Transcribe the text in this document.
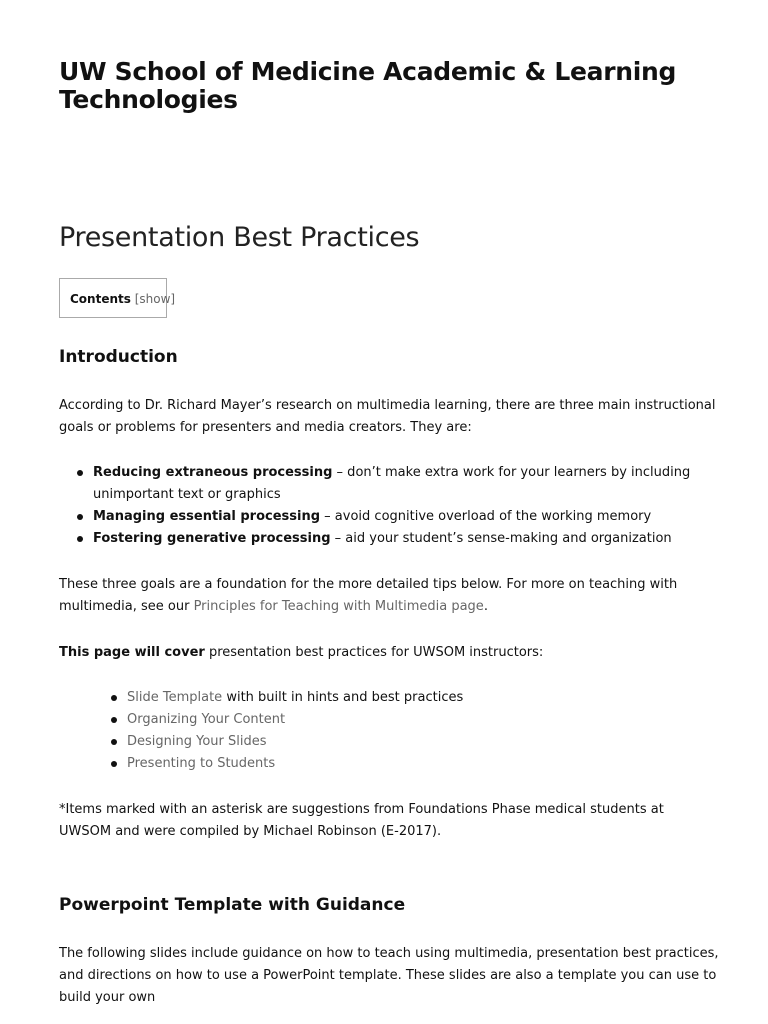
UW School of Medicine Academic & Learning Technologies
Presentation Best Practices
Contents [show]
Introduction

According to Dr. Richard Mayer’s research on multimedia learning, there are three main instructional goals or problems for presenters and media creators. They are:

Reducing extraneous processing – don’t make extra work for your learners by including unimportant text or graphics
Managing essential processing – avoid cognitive overload of the working memory
Fostering generative processing – aid your student’s sense-making and organization

These three goals are a foundation for the more detailed tips below. For more on teaching with multimedia, see our Principles for Teaching with Multimedia page.

This page will cover presentation best practices for UWSOM instructors:

Slide Template with built in hints and best practices
Organizing Your Content
Designing Your Slides
Presenting to Students

*Items marked with an asterisk are suggestions from Foundations Phase medical students at UWSOM and were compiled by Michael Robinson (E-2017).

Powerpoint Template with Guidance

The following slides include guidance on how to teach using multimedia, presentation best practices, and directions on how to use a PowerPoint template. These slides are also a template you can use to build your own
